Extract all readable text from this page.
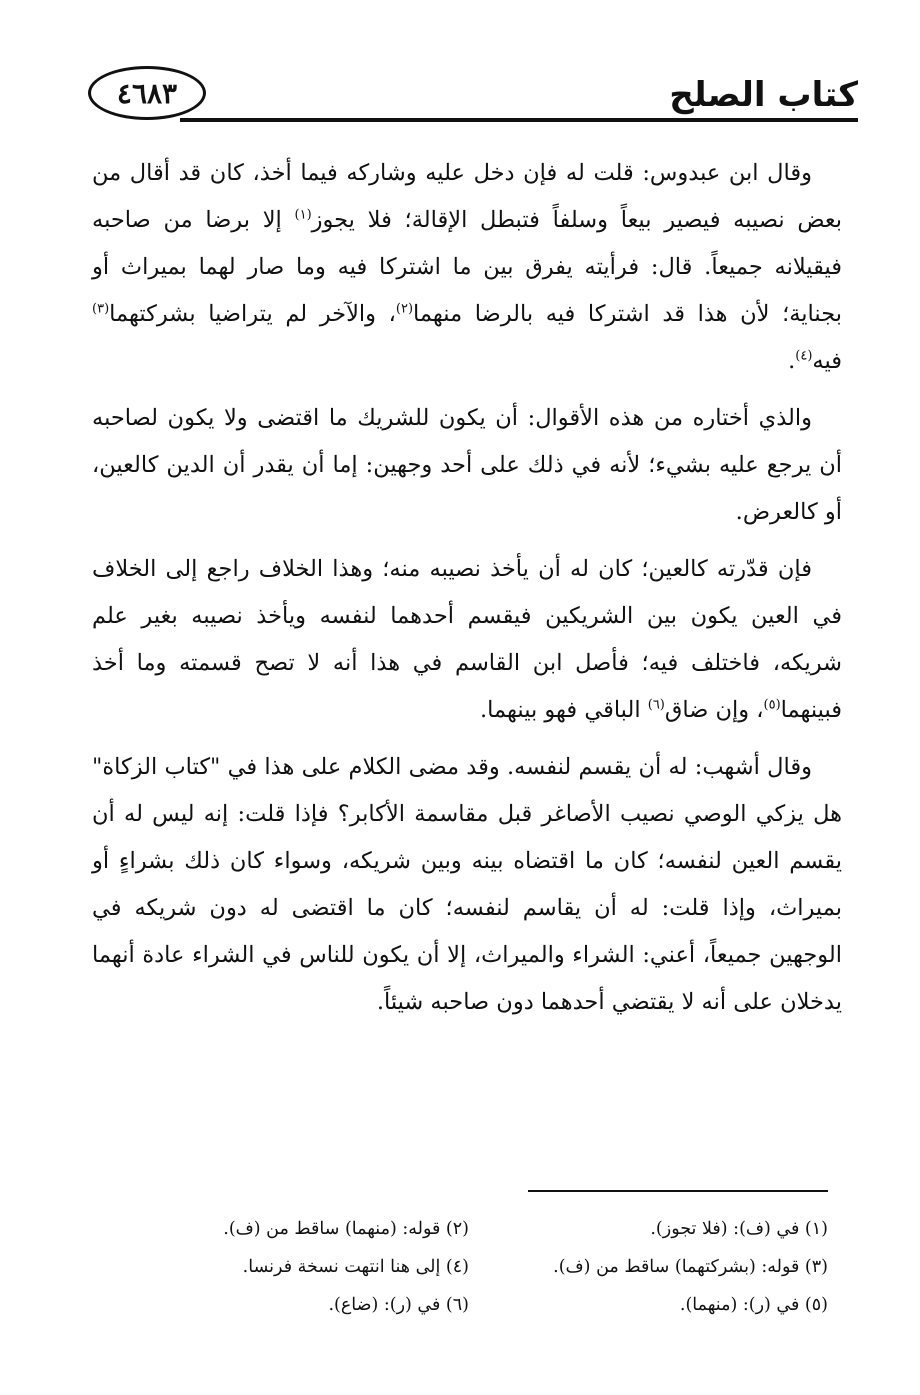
كتاب الصلح
٤٦٨٣

وقال ابن عبدوس: قلت له فإن دخل عليه وشاركه فيما أخذ، كان قد أقال من بعض نصيبه فيصير بيعاً وسلفاً فتبطل الإقالة؛ فلا يجوز$^{(١)}$ إلا برضا من صاحبه فيقيلانه جميعاً. قال: فرأيته يفرق بين ما اشتركا فيه وما صار لهما بميراث أو بجناية؛ لأن هذا قد اشتركا فيه بالرضا منهما$^{(٢)}$، والآخر لم يتراضيا بشركتهما$^{(٣)}$ فيه$^{(٤)}$.

والذي أختاره من هذه الأقوال: أن يكون للشريك ما اقتضى ولا يكون لصاحبه أن يرجع عليه بشيء؛ لأنه في ذلك على أحد وجهين: إما أن يقدر أن الدين كالعين، أو كالعرض.

فإن قدّرته كالعين؛ كان له أن يأخذ نصيبه منه؛ وهذا الخلاف راجع إلى الخلاف في العين يكون بين الشريكين فيقسم أحدهما لنفسه ويأخذ نصيبه بغير علم شريكه، فاختلف فيه؛ فأصل ابن القاسم في هذا أنه لا تصح قسمته وما أخذ فبينهما$^{(٥)}$، وإن ضاق$^{(٦)}$ الباقي فهو بينهما.

وقال أشهب: له أن يقسم لنفسه. وقد مضى الكلام على هذا في "كتاب الزكاة" هل يزكي الوصي نصيب الأصاغر قبل مقاسمة الأكابر؟ فإذا قلت: إنه ليس له أن يقسم العين لنفسه؛ كان ما اقتضاه بينه وبين شريكه، وسواء كان ذلك بشراءٍ أو بميراث، وإذا قلت: له أن يقاسم لنفسه؛ كان ما اقتضى له دون شريكه في الوجهين جميعاً، أعني: الشراء والميراث، إلا أن يكون للناس في الشراء عادة أنهما يدخلان على أنه لا يقتضي أحدهما دون صاحبه شيئاً.

(١) في (ف): (فلا تجوز).
(٢) قوله: (منهما) ساقط من (ف).
(٣) قوله: (بشركتهما) ساقط من (ف).
(٤) إلى هنا انتهت نسخة فرنسا.
(٥) في (ر): (منهما).
(٦) في (ر): (ضاع).
